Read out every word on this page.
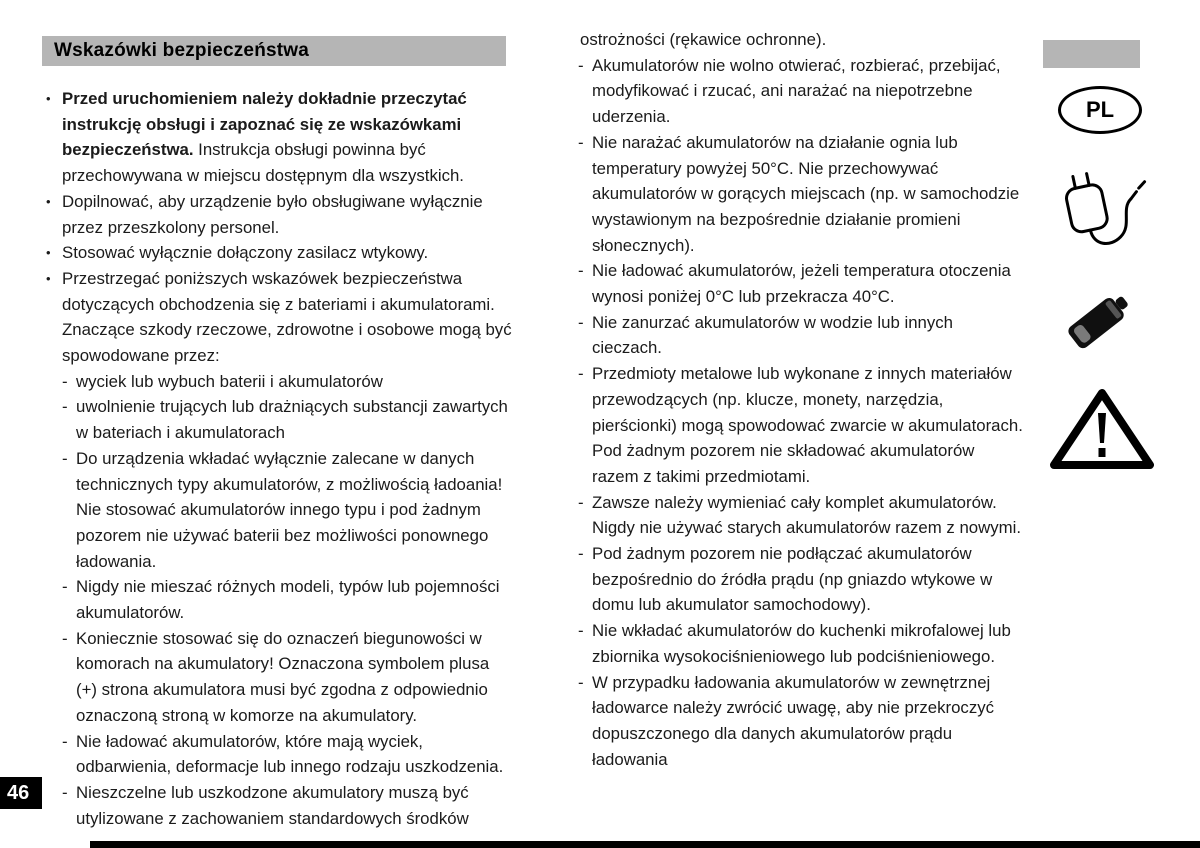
Wskazówki bezpieczeństwa
• Przed uruchomieniem należy dokładnie przeczytać instrukcję obsługi i zapoznać się ze wskazówkami bezpieczeństwa. Instrukcja obsługi powinna być przechowywana w miejscu dostępnym dla wszystkich.
• Dopilnować, aby urządzenie było obsługiwane wyłącznie przez przeszkolony personel.
• Stosować wyłącznie dołączony zasilacz wtykowy.
• Przestrzegać poniższych wskazówek bezpieczeństwa dotyczących obchodzenia się z bateriami i akumulatorami. Znaczące szkody rzeczowe, zdrowotne i osobowe mogą być spowodowane przez:
- wyciek lub wybuch baterii i akumulatorów
- uwolnienie trujących lub drażniących substancji zawartych w bateriach i akumulatorach
- Do urządzenia wkładać wyłącznie zalecane w danych technicznych typy akumulatorów, z możliwością ładoania! Nie stosować akumulatorów innego typu i pod żadnym pozorem nie używać baterii bez możliwości ponownego ładowania.
- Nigdy nie mieszać różnych modeli, typów lub pojemności akumulatorów.
- Koniecznie stosować się do oznaczeń biegunowości w komorach na akumulatory! Oznaczona symbolem plusa (+) strona akumulatora musi być zgodna z odpowiednio oznaczoną stroną w komorze na akumulatory.
- Nie ładować akumulatorów, które mają wyciek, odbarwienia, deformacje lub innego rodzaju uszkodzenia.
- Nieszczelne lub uszkodzone akumulatory muszą być utylizowane z zachowaniem standardowych środków
ostrożności (rękawice ochronne).
- Akumulatorów nie wolno otwierać, rozbierać, przebijać, modyfikować i rzucać, ani narażać na niepotrzebne uderzenia.
- Nie narażać akumulatorów na działanie ognia lub temperatury powyżej 50°C. Nie przechowywać akumulatorów w gorących miejscach (np. w samochodzie wystawionym na bezpośrednie działanie promieni słonecznych).
- Nie ładować akumulatorów, jeżeli temperatura otoczenia wynosi poniżej 0°C lub przekracza 40°C.
- Nie zanurzać akumulatorów w wodzie lub innych cieczach.
- Przedmioty metalowe lub wykonane z innych materiałów przewodzących (np. klucze, monety, narzędzia, pierścionki) mogą spowodować zwarcie w akumulatorach. Pod żadnym pozorem nie składować akumulatorów razem z takimi przedmiotami.
- Zawsze należy wymieniać cały komplet akumulatorów. Nigdy nie używać starych akumulatorów razem z nowymi.
- Pod żadnym pozorem nie podłączać akumulatorów bezpośrednio do źródła prądu (np gniazdo wtykowe w domu lub akumulator samochodowy).
- Nie wkładać akumulatorów do kuchenki mikrofalowej lub zbiornika wysokociśnieniowego lub podciśnieniowego.
- W przypadku ładowania akumulatorów w zewnętrznej ładowarce należy zwrócić uwagę, aby nie przekroczyć dopuszczonego dla danych akumulatorów prądu ładowania
PL
46
